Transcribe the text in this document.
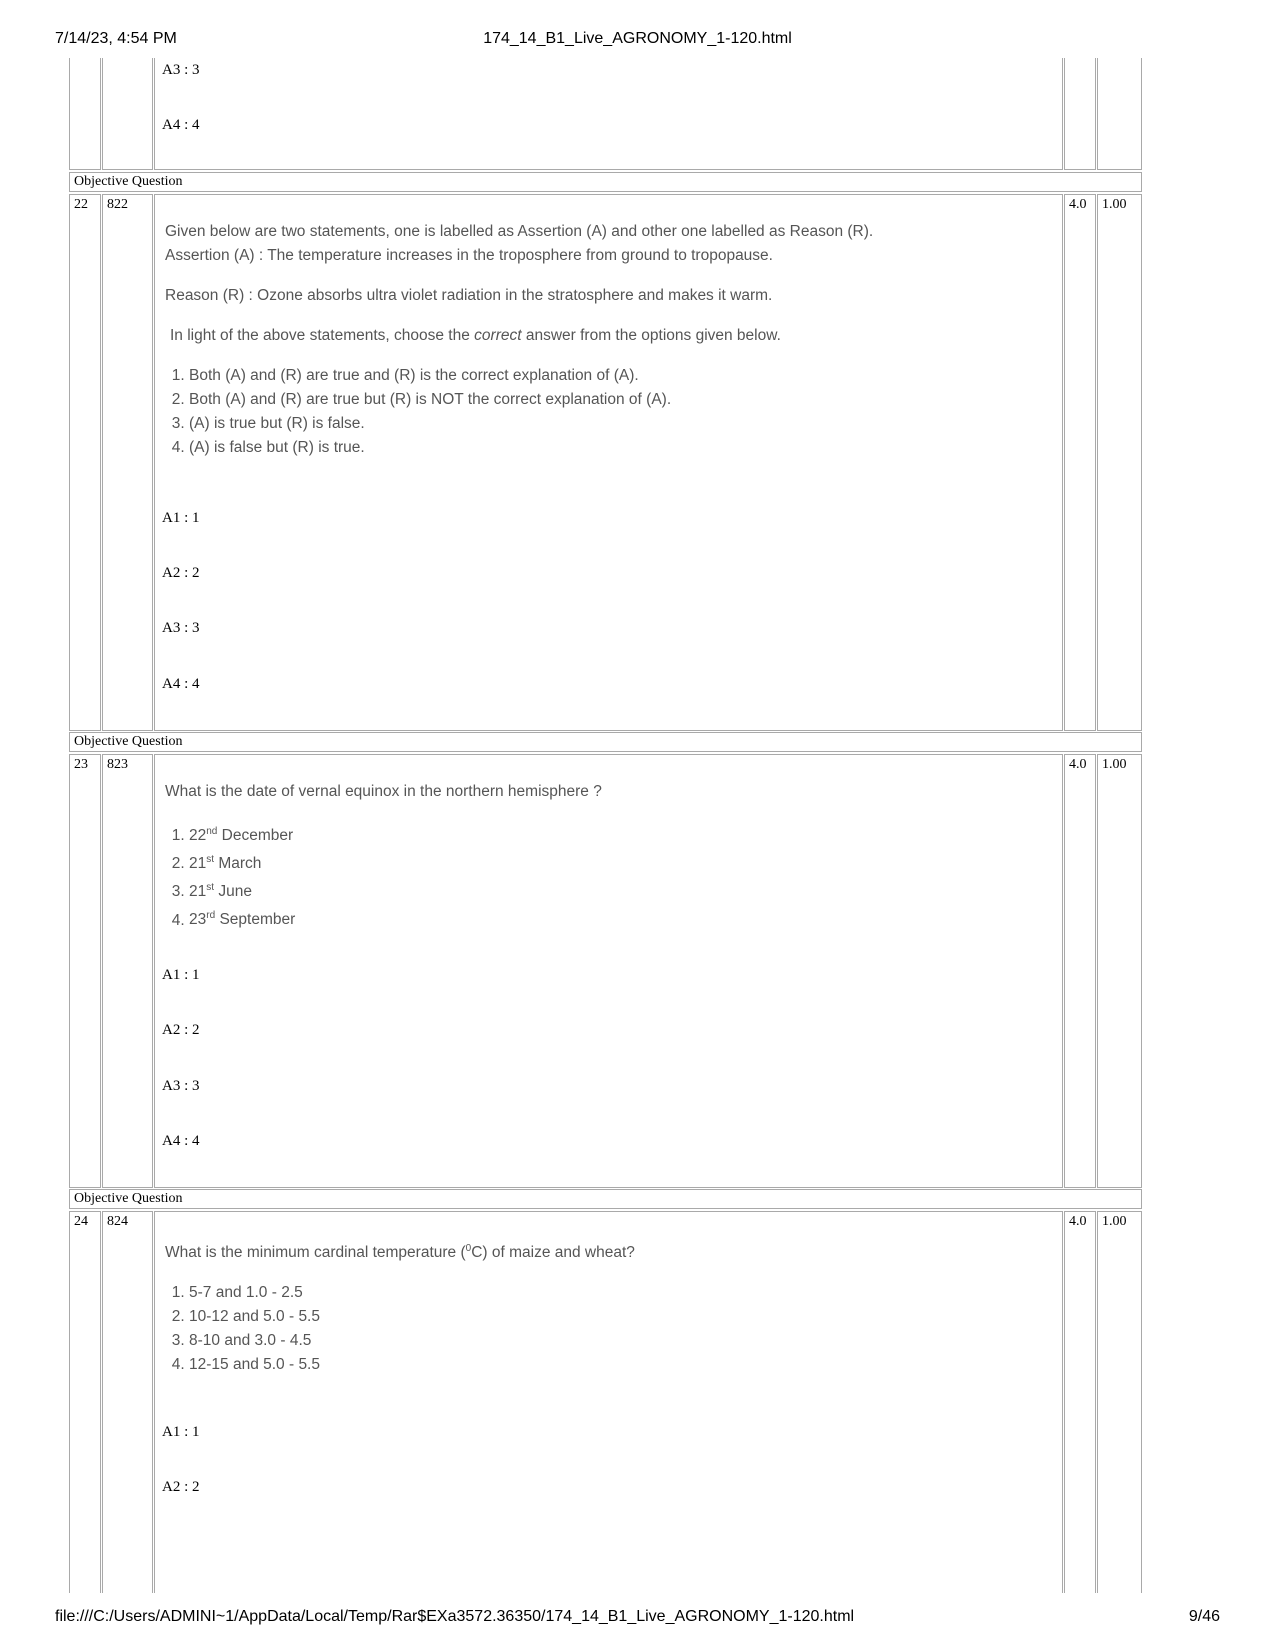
7/14/23, 4:54 PM	174_14_B1_Live_AGRONOMY_1-120.html
A3 : 3
A4 : 4
Objective Question
22	822	4.0	1.00

Given below are two statements, one is labelled as Assertion (A) and other one labelled as Reason (R).

Assertion (A) : The temperature increases in the troposphere from ground to tropopause.

Reason (R) : Ozone absorbs ultra violet radiation in the stratosphere and makes it warm.

In light of the above statements, choose the correct answer from the options given below.

1. Both (A) and (R) are true and (R) is the correct explanation of (A).
2. Both (A) and (R) are true but (R) is NOT the correct explanation of (A).
3. (A) is true but (R) is false.
4. (A) is false but (R) is true.
A1 : 1
A2 : 2
A3 : 3
A4 : 4
Objective Question
23	823	4.0	1.00

What is the date of vernal equinox in the northern hemisphere ?

1. 22nd December
2. 21st March
3. 21st June
4. 23rd September
A1 : 1
A2 : 2
A3 : 3
A4 : 4
Objective Question
24	824	4.0	1.00

What is the minimum cardinal temperature ($^0$C) of maize and wheat?

1. 5-7 and 1.0 - 2.5
2. 10-12 and 5.0 - 5.5
3. 8-10 and 3.0 - 4.5
4. 12-15 and 5.0 - 5.5
A1 : 1
A2 : 2
file:///C:/Users/ADMINI~1/AppData/Local/Temp/Rar$EXa3572.36350/174_14_B1_Live_AGRONOMY_1-120.html	9/46
